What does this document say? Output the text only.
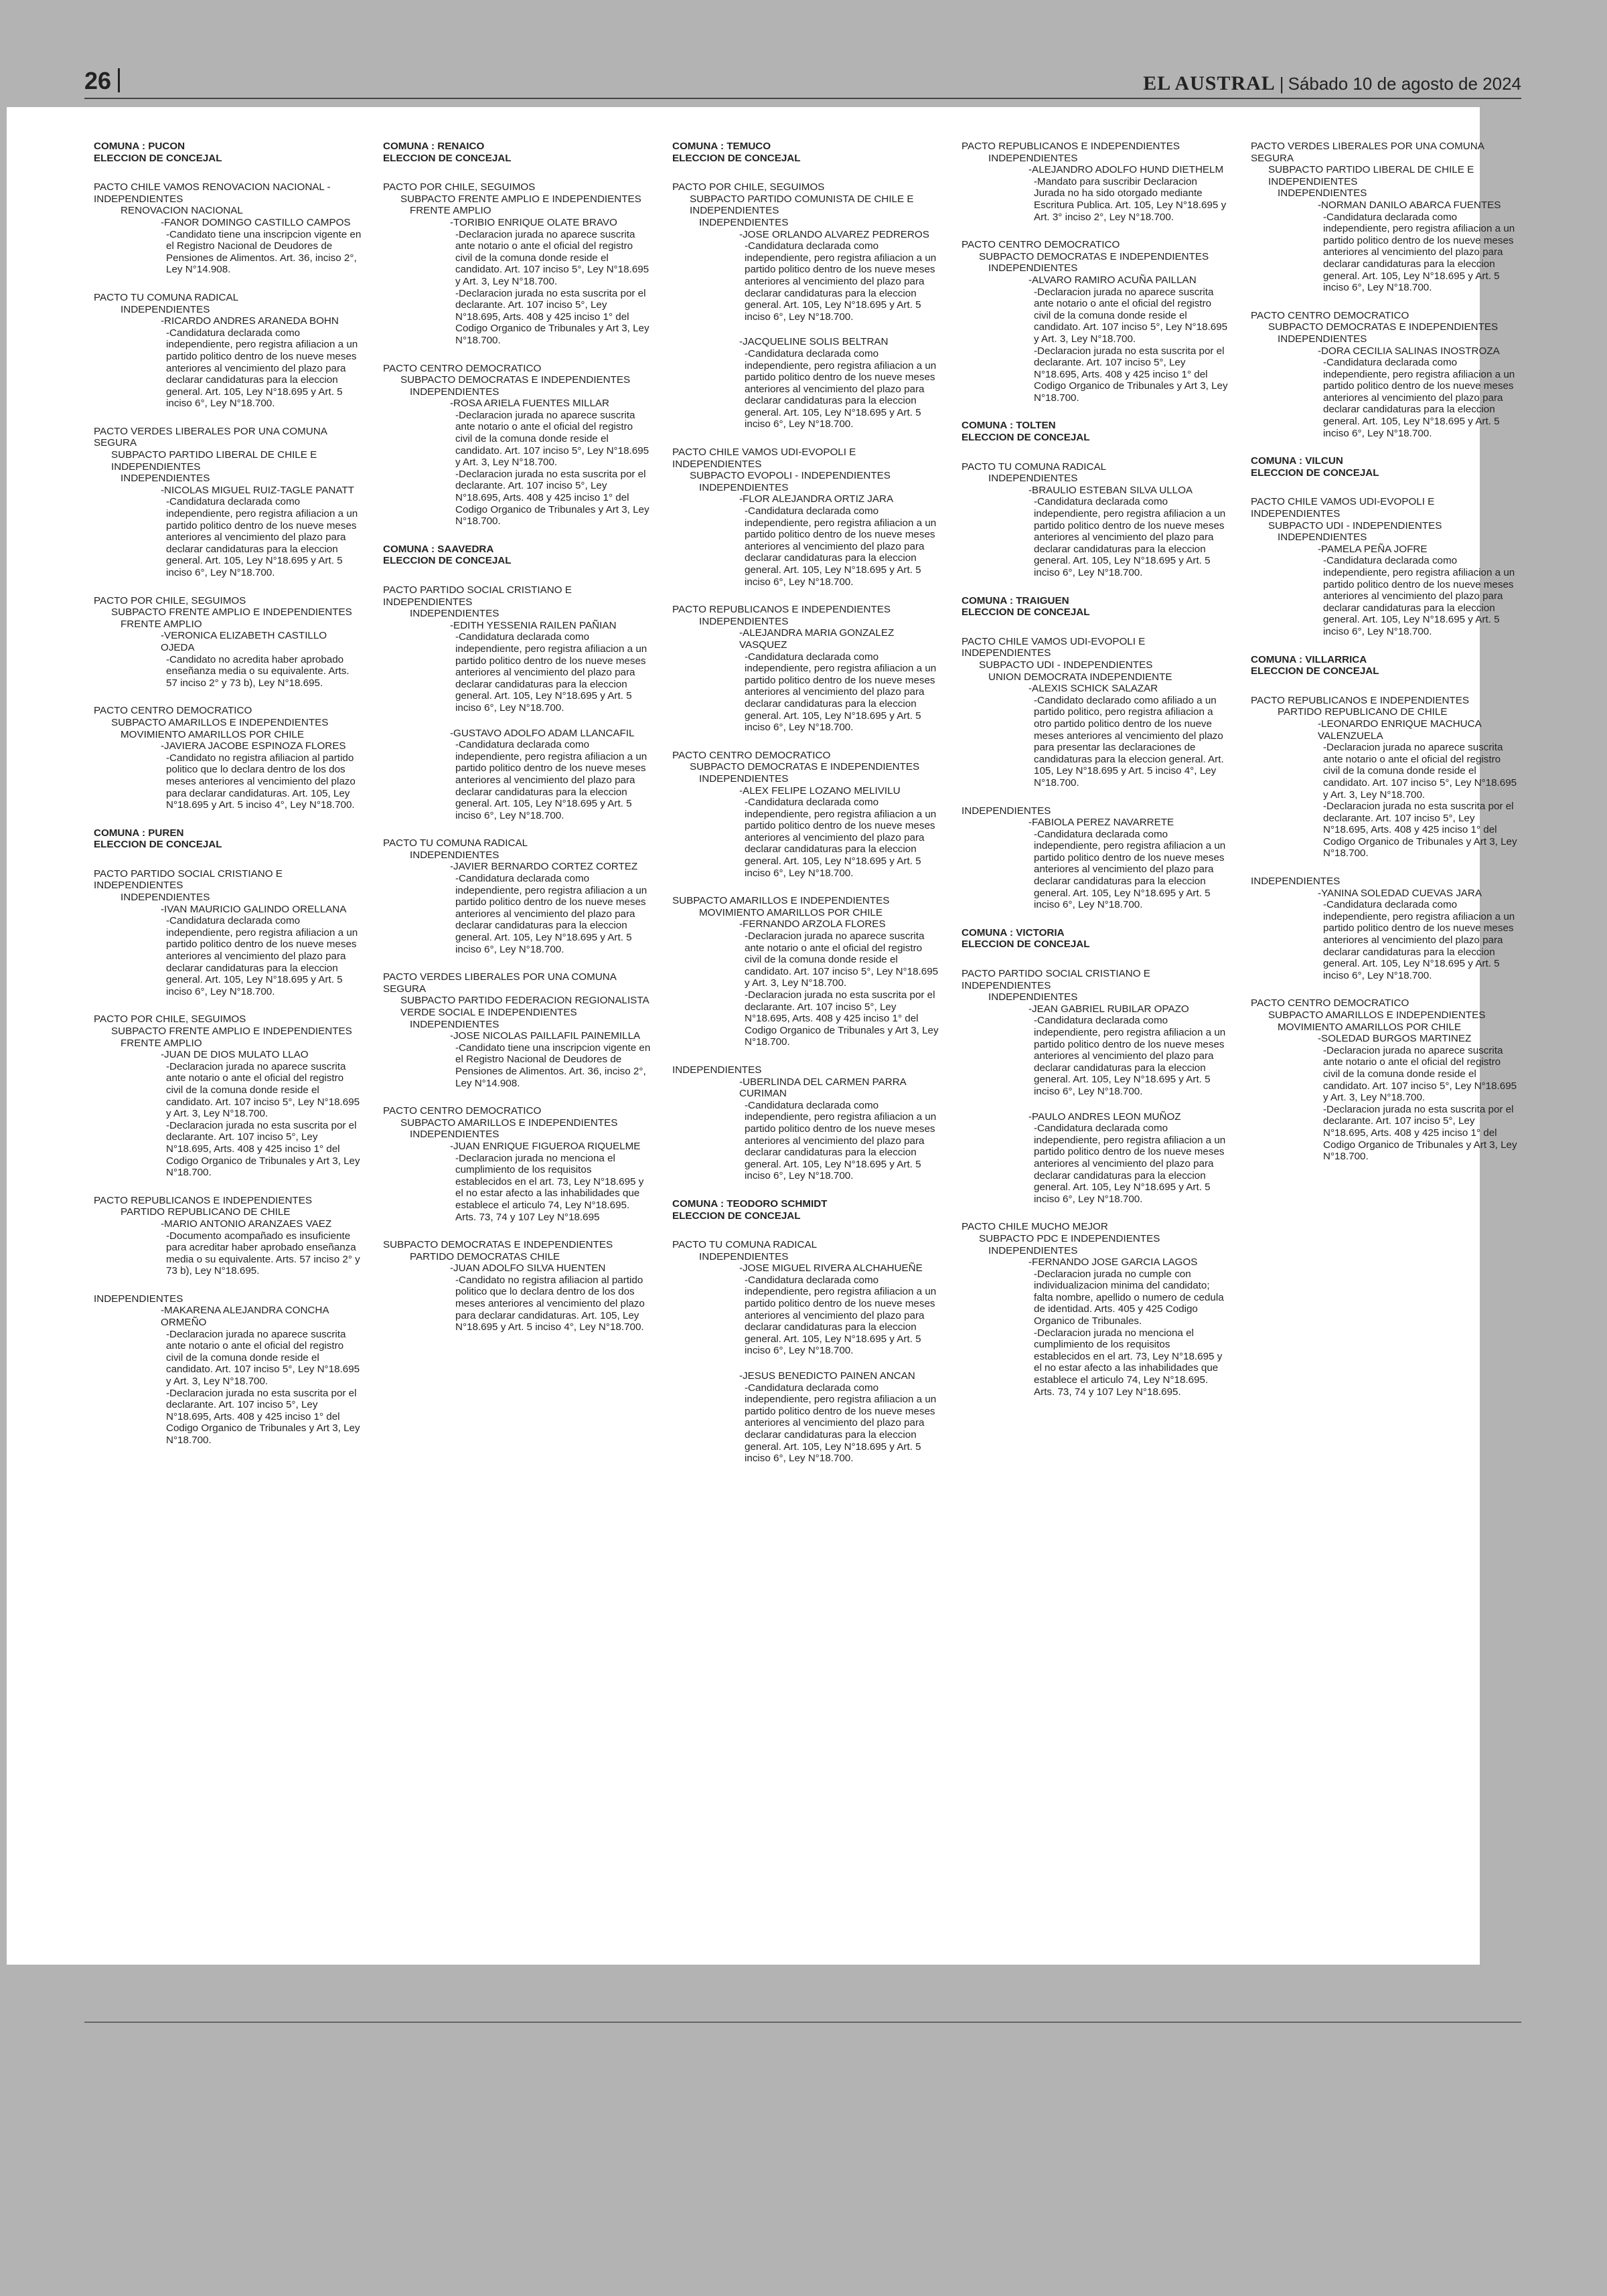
26	EL AUSTRAL | Sábado 10 de agosto de 2024
COMUNA : PUCON
ELECCION DE CONCEJAL
PACTO CHILE VAMOS RENOVACION NACIONAL -INDEPENDIENTES
RENOVACION NACIONAL
-FANOR DOMINGO CASTILLO CAMPOS
-Candidato tiene una inscripcion vigente en el Registro Nacional de Deudores de Pensiones de Alimentos. Art. 36, inciso 2°, Ley N°14.908.
PACTO TU COMUNA RADICAL
INDEPENDIENTES
-RICARDO ANDRES ARANEDA BOHN
-Candidatura declarada como independiente, pero registra afiliacion a un partido politico dentro de los nueve meses anteriores al vencimiento del plazo para declarar candidaturas para la eleccion general. Art. 105, Ley N°18.695 y Art. 5 inciso 6°, Ley N°18.700.
PACTO VERDES LIBERALES POR UNA COMUNA SEGURA
SUBPACTO PARTIDO LIBERAL DE CHILE E INDEPENDIENTES
INDEPENDIENTES
-NICOLAS MIGUEL RUIZ-TAGLE PANATT
-Candidatura declarada como independiente, pero registra afiliacion a un partido politico dentro de los nueve meses anteriores al vencimiento del plazo para declarar candidaturas para la eleccion general. Art. 105, Ley N°18.695 y Art. 5 inciso 6°, Ley N°18.700.
PACTO POR CHILE, SEGUIMOS
SUBPACTO FRENTE AMPLIO E INDEPENDIENTES
FRENTE AMPLIO
-VERONICA ELIZABETH CASTILLO OJEDA
-Candidato no acredita haber aprobado enseñanza media o su equivalente. Arts. 57 inciso 2° y 73 b), Ley N°18.695.
PACTO CENTRO DEMOCRATICO
SUBPACTO AMARILLOS E INDEPENDIENTES
MOVIMIENTO AMARILLOS POR CHILE
-JAVIERA JACOBE ESPINOZA FLORES
-Candidato no registra afiliacion al partido politico que lo declara dentro de los dos meses anteriores al vencimiento del plazo para declarar candidaturas. Art. 105, Ley N°18.695 y Art. 5 inciso 4°, Ley N°18.700.
COMUNA : PUREN
ELECCION DE CONCEJAL
PACTO PARTIDO SOCIAL CRISTIANO E INDEPENDIENTES
INDEPENDIENTES
-IVAN MAURICIO GALINDO ORELLANA
-Candidatura declarada como independiente, pero registra afiliacion a un partido politico dentro de los nueve meses anteriores al vencimiento del plazo para declarar candidaturas para la eleccion general. Art. 105, Ley N°18.695 y Art. 5 inciso 6°, Ley N°18.700.
PACTO POR CHILE, SEGUIMOS
SUBPACTO FRENTE AMPLIO E INDEPENDIENTES
FRENTE AMPLIO
-JUAN DE DIOS MULATO LLAO
-Declaracion jurada no aparece suscrita ante notario o ante el oficial del registro civil de la comuna donde reside el candidato. Art. 107 inciso 5°, Ley N°18.695 y Art. 3, Ley N°18.700.
-Declaracion jurada no esta suscrita por el declarante. Art. 107 inciso 5°, Ley N°18.695, Arts. 408 y 425 inciso 1° del Codigo Organico de Tribunales y Art 3, Ley N°18.700.
PACTO REPUBLICANOS E INDEPENDIENTES
PARTIDO REPUBLICANO DE CHILE
-MARIO ANTONIO ARANZAES VAEZ
-Documento acompañado es insuficiente para acreditar haber aprobado enseñanza media o su equivalente. Arts. 57 inciso 2° y 73 b), Ley N°18.695.
INDEPENDIENTES
-MAKARENA ALEJANDRA CONCHA ORMEÑO
-Declaracion jurada no aparece suscrita ante notario o ante el oficial del registro civil de la comuna donde reside el candidato. Art. 107 inciso 5°, Ley N°18.695 y Art. 3, Ley N°18.700.
-Declaracion jurada no esta suscrita por el declarante. Art. 107 inciso 5°, Ley N°18.695, Arts. 408 y 425 inciso 1° del Codigo Organico de Tribunales y Art 3, Ley N°18.700.
COMUNA : RENAICO
ELECCION DE CONCEJAL
PACTO POR CHILE, SEGUIMOS
SUBPACTO FRENTE AMPLIO E INDEPENDIENTES
FRENTE AMPLIO
-TORIBIO ENRIQUE OLATE BRAVO
-Declaracion jurada no aparece suscrita ante notario o ante el oficial del registro civil de la comuna donde reside el candidato. Art. 107 inciso 5°, Ley N°18.695 y Art. 3, Ley N°18.700.
-Declaracion jurada no esta suscrita por el declarante. Art. 107 inciso 5°, Ley N°18.695, Arts. 408 y 425 inciso 1° del Codigo Organico de Tribunales y Art 3, Ley N°18.700.
PACTO CENTRO DEMOCRATICO
SUBPACTO DEMOCRATAS E INDEPENDIENTES
INDEPENDIENTES
-ROSA ARIELA FUENTES MILLAR
-Declaracion jurada no aparece suscrita ante notario o ante el oficial del registro civil de la comuna donde reside el candidato. Art. 107 inciso 5°, Ley N°18.695 y Art. 3, Ley N°18.700.
-Declaracion jurada no esta suscrita por el declarante. Art. 107 inciso 5°, Ley N°18.695, Arts. 408 y 425 inciso 1° del Codigo Organico de Tribunales y Art 3, Ley N°18.700.
COMUNA : SAAVEDRA
ELECCION DE CONCEJAL
PACTO PARTIDO SOCIAL CRISTIANO E INDEPENDIENTES
INDEPENDIENTES
-EDITH YESSENIA RAILEN PAÑIAN
-Candidatura declarada como independiente, pero registra afiliacion a un partido politico dentro de los nueve meses anteriores al vencimiento del plazo para declarar candidaturas para la eleccion general. Art. 105, Ley N°18.695 y Art. 5 inciso 6°, Ley N°18.700.
-GUSTAVO ADOLFO ADAM LLANCAFIL
-Candidatura declarada como independiente, pero registra afiliacion a un partido politico dentro de los nueve meses anteriores al vencimiento del plazo para declarar candidaturas para la eleccion general. Art. 105, Ley N°18.695 y Art. 5 inciso 6°, Ley N°18.700.
PACTO TU COMUNA RADICAL
INDEPENDIENTES
-JAVIER BERNARDO CORTEZ CORTEZ
-Candidatura declarada como independiente, pero registra afiliacion a un partido politico dentro de los nueve meses anteriores al vencimiento del plazo para declarar candidaturas para la eleccion general. Art. 105, Ley N°18.695 y Art. 5 inciso 6°, Ley N°18.700.
PACTO VERDES LIBERALES POR UNA COMUNA SEGURA
SUBPACTO PARTIDO FEDERACION REGIONALISTA VERDE SOCIAL E INDEPENDIENTES
INDEPENDIENTES
-JOSE NICOLAS PAILLAFIL PAINEMILLA
-Candidato tiene una inscripcion vigente en el Registro Nacional de Deudores de Pensiones de Alimentos. Art. 36, inciso 2°, Ley N°14.908.
PACTO CENTRO DEMOCRATICO
SUBPACTO AMARILLOS E INDEPENDIENTES
INDEPENDIENTES
-JUAN ENRIQUE FIGUEROA RIQUELME
-Declaracion jurada no menciona el cumplimiento de los requisitos establecidos en el art. 73, Ley N°18.695 y el no estar afecto a las inhabilidades que establece el articulo 74, Ley N°18.695. Arts. 73, 74 y 107 Ley N°18.695
SUBPACTO DEMOCRATAS E INDEPENDIENTES
PARTIDO DEMOCRATAS CHILE
-JUAN ADOLFO SILVA HUENTEN
-Candidato no registra afiliacion al partido politico que lo declara dentro de los dos meses anteriores al vencimiento del plazo para declarar candidaturas. Art. 105, Ley N°18.695 y Art. 5 inciso 4°, Ley N°18.700.
COMUNA : TEMUCO
ELECCION DE CONCEJAL
PACTO POR CHILE, SEGUIMOS
SUBPACTO PARTIDO COMUNISTA DE CHILE E INDEPENDIENTES
INDEPENDIENTES
-JOSE ORLANDO ALVAREZ PEDREROS
-Candidatura declarada como independiente, pero registra afiliacion a un partido politico dentro de los nueve meses anteriores al vencimiento del plazo para declarar candidaturas para la eleccion general. Art. 105, Ley N°18.695 y Art. 5 inciso 6°, Ley N°18.700.
-JACQUELINE SOLIS BELTRAN
-Candidatura declarada como independiente, pero registra afiliacion a un partido politico dentro de los nueve meses anteriores al vencimiento del plazo para declarar candidaturas para la eleccion general. Art. 105, Ley N°18.695 y Art. 5 inciso 6°, Ley N°18.700.
PACTO CHILE VAMOS UDI-EVOPOLI E INDEPENDIENTES
SUBPACTO EVOPOLI - INDEPENDIENTES
INDEPENDIENTES
-FLOR ALEJANDRA ORTIZ JARA
-Candidatura declarada como independiente, pero registra afiliacion a un partido politico dentro de los nueve meses anteriores al vencimiento del plazo para declarar candidaturas para la eleccion general. Art. 105, Ley N°18.695 y Art. 5 inciso 6°, Ley N°18.700.
PACTO REPUBLICANOS E INDEPENDIENTES
INDEPENDIENTES
-ALEJANDRA MARIA GONZALEZ VASQUEZ
-Candidatura declarada como independiente, pero registra afiliacion a un partido politico dentro de los nueve meses anteriores al vencimiento del plazo para declarar candidaturas para la eleccion general. Art. 105, Ley N°18.695 y Art. 5 inciso 6°, Ley N°18.700.
PACTO CENTRO DEMOCRATICO
SUBPACTO DEMOCRATAS E INDEPENDIENTES
INDEPENDIENTES
-ALEX FELIPE LOZANO MELIVILU
-Candidatura declarada como independiente, pero registra afiliacion a un partido politico dentro de los nueve meses anteriores al vencimiento del plazo para declarar candidaturas para la eleccion general. Art. 105, Ley N°18.695 y Art. 5 inciso 6°, Ley N°18.700.
SUBPACTO AMARILLOS E INDEPENDIENTES
MOVIMIENTO AMARILLOS POR CHILE
-FERNANDO ARZOLA FLORES
-Declaracion jurada no aparece suscrita ante notario o ante el oficial del registro civil de la comuna donde reside el candidato. Art. 107 inciso 5°, Ley N°18.695 y Art. 3, Ley N°18.700.
-Declaracion jurada no esta suscrita por el declarante. Art. 107 inciso 5°, Ley N°18.695, Arts. 408 y 425 inciso 1° del Codigo Organico de Tribunales y Art 3, Ley N°18.700.
INDEPENDIENTES
-UBERLINDA DEL CARMEN PARRA CURIMAN
-Candidatura declarada como independiente, pero registra afiliacion a un partido politico dentro de los nueve meses anteriores al vencimiento del plazo para declarar candidaturas para la eleccion general. Art. 105, Ley N°18.695 y Art. 5 inciso 6°, Ley N°18.700.
COMUNA : TEODORO SCHMIDT
ELECCION DE CONCEJAL
PACTO TU COMUNA RADICAL
INDEPENDIENTES
-JOSE MIGUEL RIVERA ALCHAHUEÑE
-Candidatura declarada como independiente, pero registra afiliacion a un partido politico dentro de los nueve meses anteriores al vencimiento del plazo para declarar candidaturas para la eleccion general. Art. 105, Ley N°18.695 y Art. 5 inciso 6°, Ley N°18.700.
-JESUS BENEDICTO PAINEN ANCAN
-Candidatura declarada como independiente, pero registra afiliacion a un partido politico dentro de los nueve meses anteriores al vencimiento del plazo para declarar candidaturas para la eleccion general. Art. 105, Ley N°18.695 y Art. 5 inciso 6°, Ley N°18.700.
PACTO REPUBLICANOS E INDEPENDIENTES
INDEPENDIENTES
-ALEJANDRO ADOLFO HUND DIETHELM
-Mandato para suscribir Declaracion Jurada no ha sido otorgado mediante Escritura Publica. Art. 105, Ley N°18.695 y Art. 3° inciso 2°, Ley N°18.700.
PACTO CENTRO DEMOCRATICO
SUBPACTO DEMOCRATAS E INDEPENDIENTES
INDEPENDIENTES
-ALVARO RAMIRO ACUÑA PAILLAN
-Declaracion jurada no aparece suscrita ante notario o ante el oficial del registro civil de la comuna donde reside el candidato. Art. 107 inciso 5°, Ley N°18.695 y Art. 3, Ley N°18.700.
-Declaracion jurada no esta suscrita por el declarante. Art. 107 inciso 5°, Ley N°18.695, Arts. 408 y 425 inciso 1° del Codigo Organico de Tribunales y Art 3, Ley N°18.700.
COMUNA : TOLTEN
ELECCION DE CONCEJAL
PACTO TU COMUNA RADICAL
INDEPENDIENTES
-BRAULIO ESTEBAN SILVA ULLOA
-Candidatura declarada como independiente, pero registra afiliacion a un partido politico dentro de los nueve meses anteriores al vencimiento del plazo para declarar candidaturas para la eleccion general. Art. 105, Ley N°18.695 y Art. 5 inciso 6°, Ley N°18.700.
COMUNA : TRAIGUEN
ELECCION DE CONCEJAL
PACTO CHILE VAMOS UDI-EVOPOLI E INDEPENDIENTES
SUBPACTO UDI - INDEPENDIENTES
UNION DEMOCRATA INDEPENDIENTE
-ALEXIS SCHICK SALAZAR
-Candidato declarado como afiliado a un partido politico, pero registra afiliacion a otro partido politico dentro de los nueve meses anteriores al vencimiento del plazo para presentar las declaraciones de candidaturas para la eleccion general. Art. 105, Ley N°18.695 y Art. 5 inciso 4°, Ley N°18.700.
INDEPENDIENTES
-FABIOLA PEREZ NAVARRETE
-Candidatura declarada como independiente, pero registra afiliacion a un partido politico dentro de los nueve meses anteriores al vencimiento del plazo para declarar candidaturas para la eleccion general. Art. 105, Ley N°18.695 y Art. 5 inciso 6°, Ley N°18.700.
COMUNA : VICTORIA
ELECCION DE CONCEJAL
PACTO PARTIDO SOCIAL CRISTIANO E INDEPENDIENTES
INDEPENDIENTES
-JEAN GABRIEL RUBILAR OPAZO
-Candidatura declarada como independiente, pero registra afiliacion a un partido politico dentro de los nueve meses anteriores al vencimiento del plazo para declarar candidaturas para la eleccion general. Art. 105, Ley N°18.695 y Art. 5 inciso 6°, Ley N°18.700.
-PAULO ANDRES LEON MUÑOZ
-Candidatura declarada como independiente, pero registra afiliacion a un partido politico dentro de los nueve meses anteriores al vencimiento del plazo para declarar candidaturas para la eleccion general. Art. 105, Ley N°18.695 y Art. 5 inciso 6°, Ley N°18.700.
PACTO CHILE MUCHO MEJOR
SUBPACTO PDC E INDEPENDIENTES
INDEPENDIENTES
-FERNANDO JOSE GARCIA LAGOS
-Declaracion jurada no cumple con individualizacion minima del candidato; falta nombre, apellido o numero de cedula de identidad. Arts. 405 y 425 Codigo Organico de Tribunales.
-Declaracion jurada no menciona el cumplimiento de los requisitos establecidos en el art. 73, Ley N°18.695 y el no estar afecto a las inhabilidades que establece el articulo 74, Ley N°18.695. Arts. 73, 74 y 107 Ley N°18.695.
PACTO VERDES LIBERALES POR UNA COMUNA SEGURA
SUBPACTO PARTIDO LIBERAL DE CHILE E INDEPENDIENTES
INDEPENDIENTES
-NORMAN DANILO ABARCA FUENTES
-Candidatura declarada como independiente, pero registra afiliacion a un partido politico dentro de los nueve meses anteriores al vencimiento del plazo para declarar candidaturas para la eleccion general. Art. 105, Ley N°18.695 y Art. 5 inciso 6°, Ley N°18.700.
PACTO CENTRO DEMOCRATICO
SUBPACTO DEMOCRATAS E INDEPENDIENTES
INDEPENDIENTES
-DORA CECILIA SALINAS INOSTROZA
-Candidatura declarada como independiente, pero registra afiliacion a un partido politico dentro de los nueve meses anteriores al vencimiento del plazo para declarar candidaturas para la eleccion general. Art. 105, Ley N°18.695 y Art. 5 inciso 6°, Ley N°18.700.
COMUNA : VILCUN
ELECCION DE CONCEJAL
PACTO CHILE VAMOS UDI-EVOPOLI E INDEPENDIENTES
SUBPACTO UDI - INDEPENDIENTES
INDEPENDIENTES
-PAMELA PEÑA JOFRE
-Candidatura declarada como independiente, pero registra afiliacion a un partido politico dentro de los nueve meses anteriores al vencimiento del plazo para declarar candidaturas para la eleccion general. Art. 105, Ley N°18.695 y Art. 5 inciso 6°, Ley N°18.700.
COMUNA : VILLARRICA
ELECCION DE CONCEJAL
PACTO REPUBLICANOS E INDEPENDIENTES
PARTIDO REPUBLICANO DE CHILE
-LEONARDO ENRIQUE MACHUCA VALENZUELA
-Declaracion jurada no aparece suscrita ante notario o ante el oficial del registro civil de la comuna donde reside el candidato. Art. 107 inciso 5°, Ley N°18.695 y Art. 3, Ley N°18.700.
-Declaracion jurada no esta suscrita por el declarante. Art. 107 inciso 5°, Ley N°18.695, Arts. 408 y 425 inciso 1° del Codigo Organico de Tribunales y Art 3, Ley N°18.700.
INDEPENDIENTES
-YANINA SOLEDAD CUEVAS JARA
-Candidatura declarada como independiente, pero registra afiliacion a un partido politico dentro de los nueve meses anteriores al vencimiento del plazo para declarar candidaturas para la eleccion general. Art. 105, Ley N°18.695 y Art. 5 inciso 6°, Ley N°18.700.
PACTO CENTRO DEMOCRATICO
SUBPACTO AMARILLOS E INDEPENDIENTES
MOVIMIENTO AMARILLOS POR CHILE
-SOLEDAD BURGOS MARTINEZ
-Declaracion jurada no aparece suscrita ante notario o ante el oficial del registro civil de la comuna donde reside el candidato. Art. 107 inciso 5°, Ley N°18.695 y Art. 3, Ley N°18.700.
-Declaracion jurada no esta suscrita por el declarante. Art. 107 inciso 5°, Ley N°18.695, Arts. 408 y 425 inciso 1° del Codigo Organico de Tribunales y Art 3, Ley N°18.700.
